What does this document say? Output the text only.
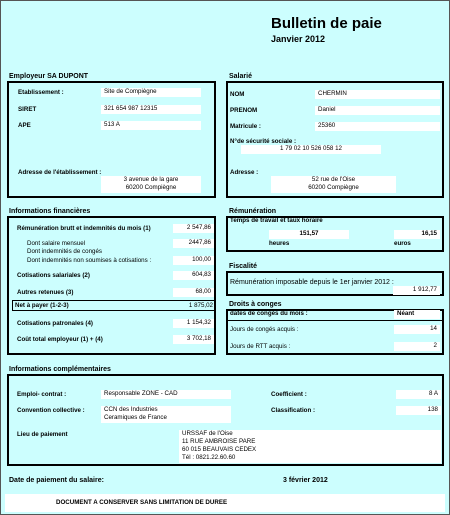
Bulletin de paie
Janvier 2012
Employeur SA DUPONT
Etablissement :	Site de Compiègne
SIRET	321 654 987 12315
APE	513 A
Adresse de l'établissement :
3 avenue de la gare
60200 Compiègne
Salarié
NOM	CHERMIN
PRENOM	Daniel
Matricule :	25360
N°de sécurité sociale :
1 79 02 10 526 058 12
Adresse :
52 rue de l'Oise
60200 Compiègne
Informations financières
Rémunération brutt et indemnités du mois (1)	2 547,86
Dont salaire mensuel	2447,86
Dont indemnités de congés
Dont indemnités non soumises à cotisations :	100,00
Cotisations salariales (2)	604,83
Autres retenues (3)	68,00
Net à payer (1-2-3)	1 875,02
Cotisations patronales (4)	1 154,32
Coût total employeur (1) + (4)	3 702,18
Rémunération
Temps de travail et taux horaire
151,57
heures
16,15
euros
Fiscalité
Rémunération imposable depuis le 1er janvier 2012 :
1 912,77
Droits à conges
dates de congés du mois :	Néant
Jours de congés acquis :	14
Jours de RTT acquis :	2
Informations complémentaires
Emploi- contrat :	Responsable ZONE - CAD	Coefficient :	8 A
Convention collective :	CCN des Industries
Ceramiques de France
Classification :	138
Lieu de paiement	URSSAF de l'Oise
11 RUE AMBROISE PARE
60 015 BEAUVAIS CEDEX
Tél : 0821.22.60.60
Date de paiement du salaire:	3 février 2012
DOCUMENT A CONSERVER SANS LIMITATION DE DUREE
